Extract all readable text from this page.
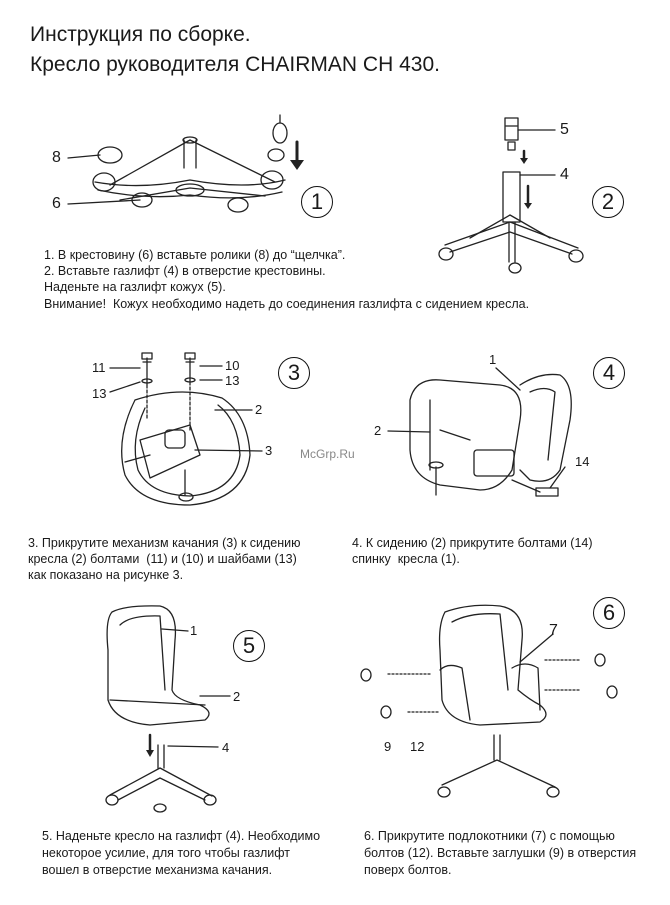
Инструкция по сборке.
Кресло руководителя CHAIRMAN CH 430.
1	2
3	4
5
6
8
6
5
4
11	10
13
13
2
3
1
2
14
McGrp.Ru
1
2
4
7
9 12
1. В крестовину (6) вставьте ролики (8) до “щелчка”.
2. Вставьте газлифт (4) в отверстие крестовины.
Наденьте на газлифт кожух (5).
Внимание!  Кожух необходимо надеть до соединения газлифта с сидением кресла.
3. Прикрутите механизм качания (3) к сидению
кресла (2) болтами  (11) и (10) и шайбами (13)
как показано на рисунке 3.
4. К сидению (2) прикрутите болтами (14)
спинку  кресла (1).
5. Наденьте кресло на газлифт (4). Необходимо
некоторое усилие, для того чтобы газлифт
вошел в отверстие механизма качания.
6. Прикрутите подлокотники (7) с помощью
болтов (12). Вставьте заглушки (9) в отверстия
поверх болтов.
